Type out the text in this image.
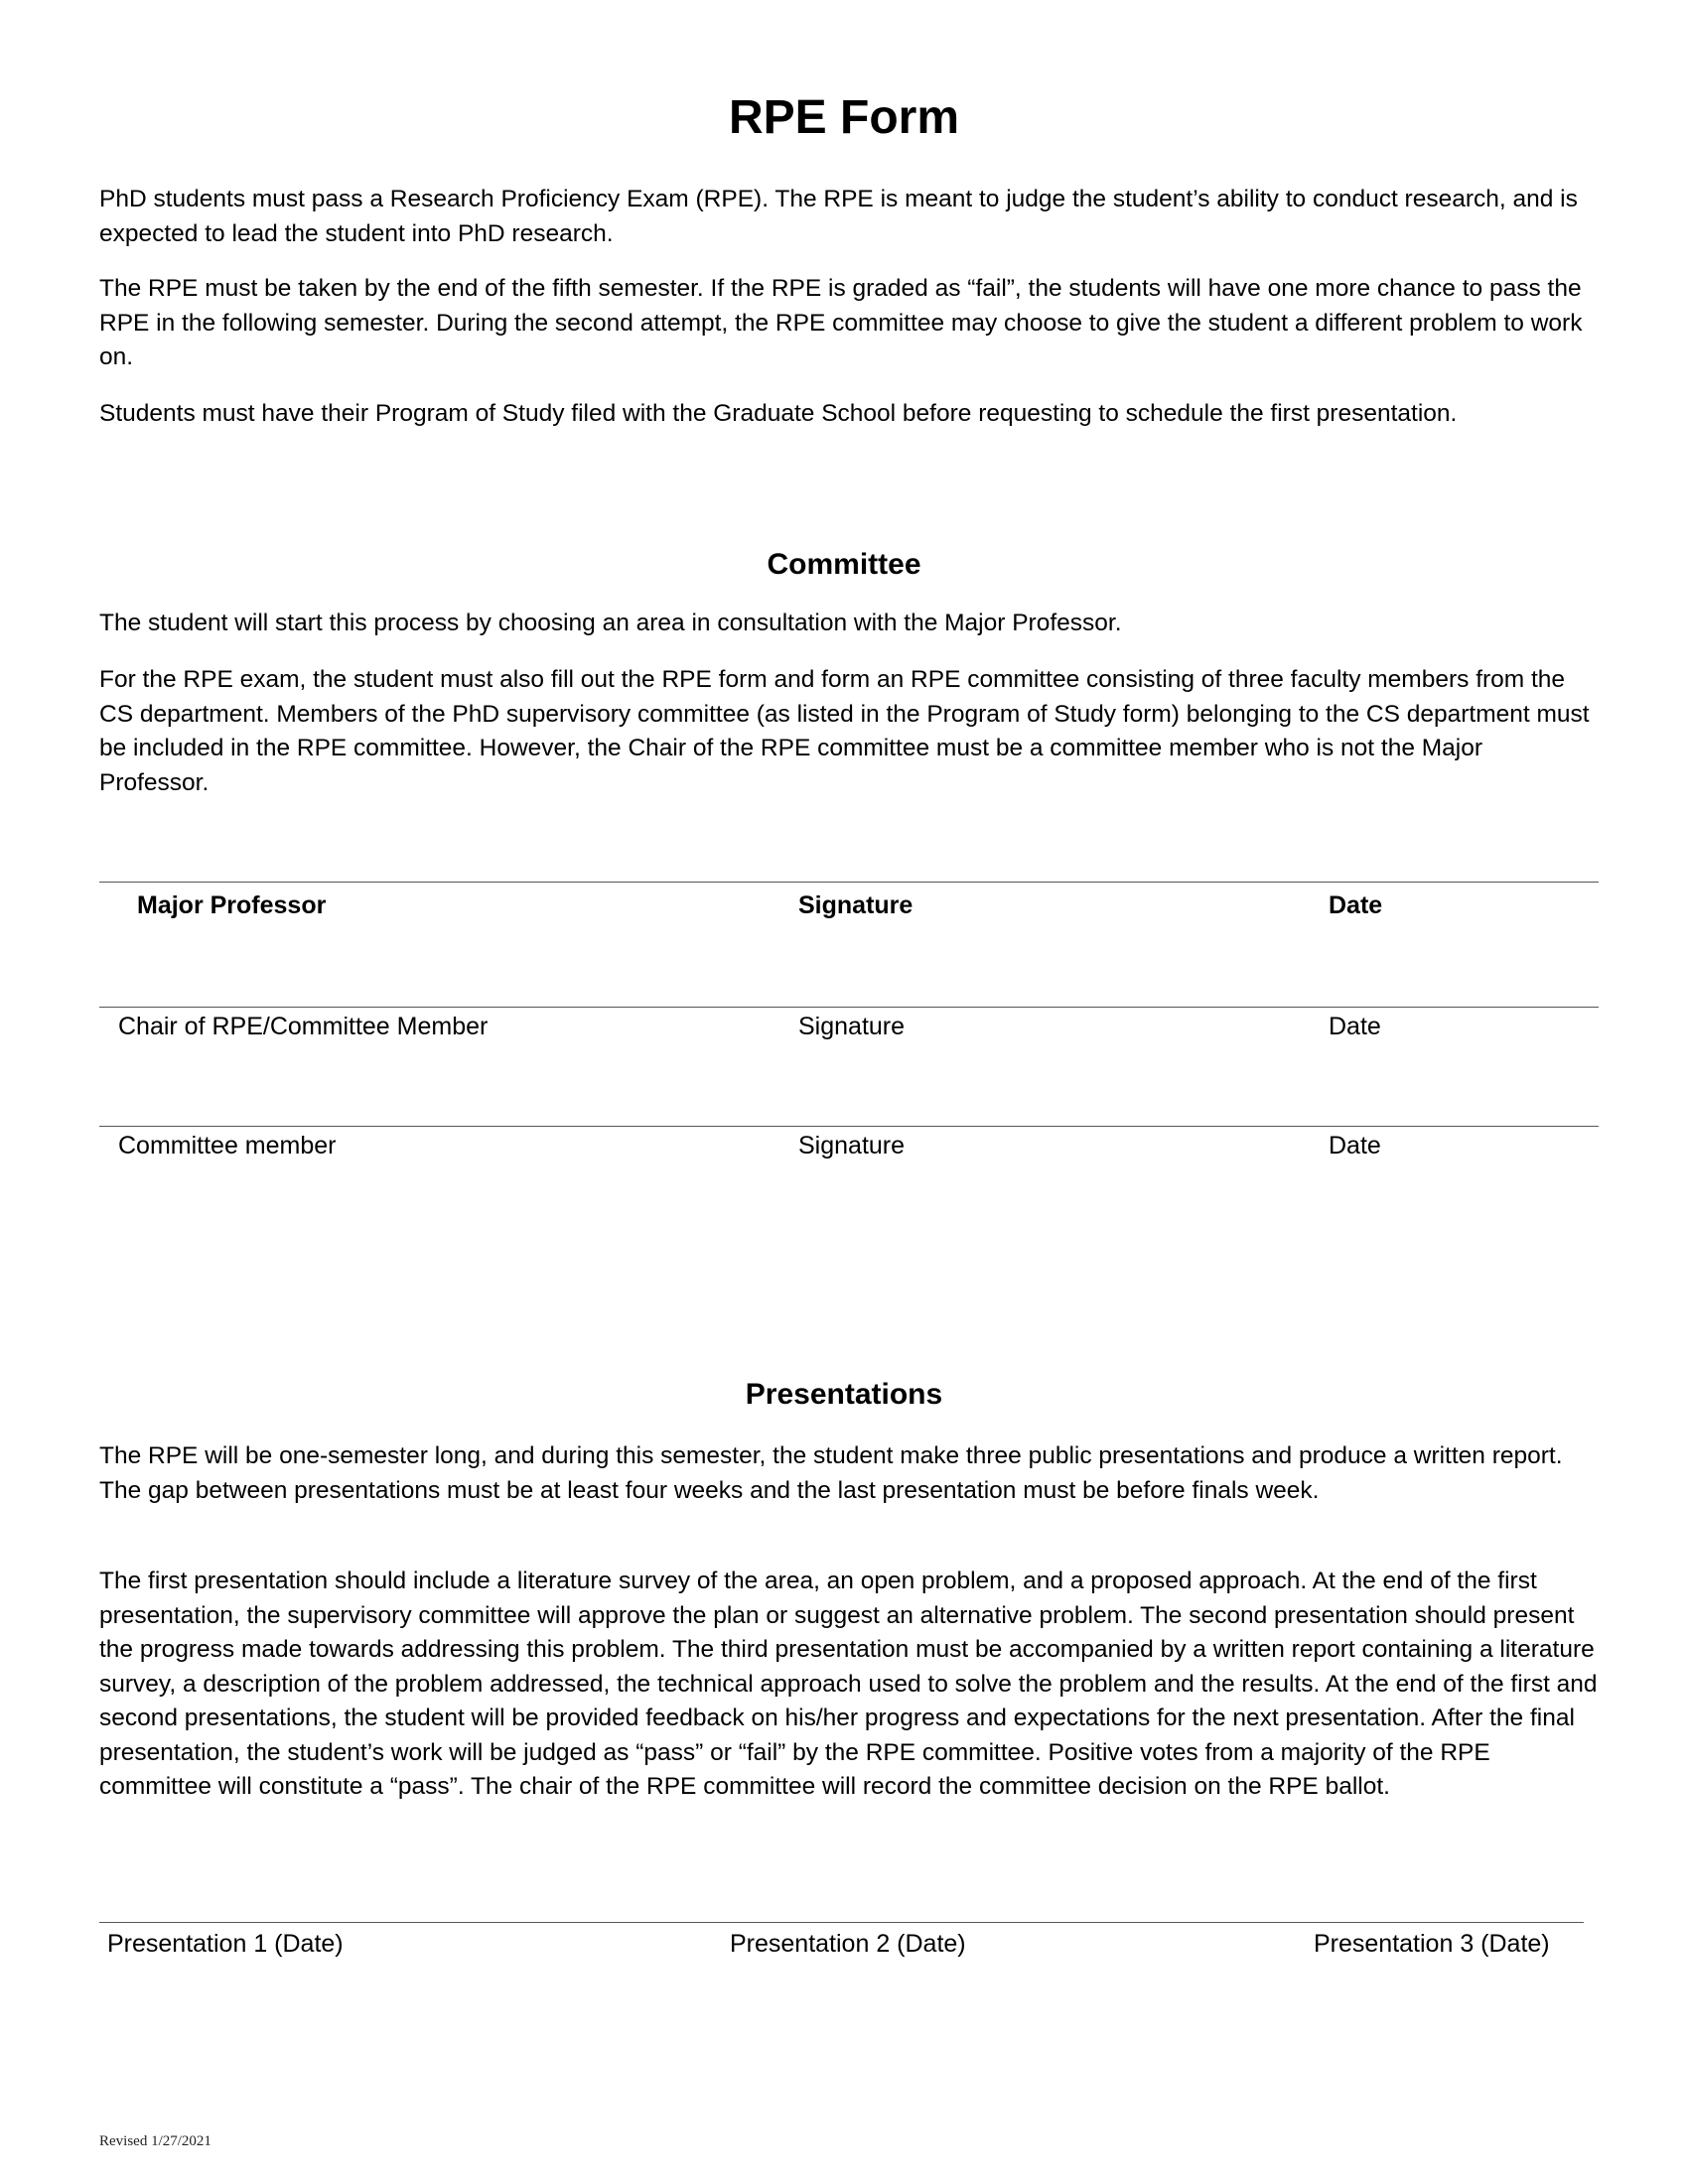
RPE Form

PhD students must pass a Research Proficiency Exam (RPE). The RPE is meant to judge the student’s ability to conduct research, and is expected to lead the student into PhD research.

The RPE must be taken by the end of the fifth semester. If the RPE is graded as “fail”, the students will have one more chance to pass the RPE in the following semester. During the second attempt, the RPE committee may choose to give the student a different problem to work on.

Students must have their Program of Study filed with the Graduate School before requesting to schedule the first presentation.

Committee

The student will start this process by choosing an area in consultation with the Major Professor.

For the RPE exam, the student must also fill out the RPE form and form an RPE committee consisting of three faculty members from the CS department. Members of the PhD supervisory committee (as listed in the Program of Study form) belonging to the CS department must be included in the RPE committee. However, the Chair of the RPE committee must be a committee member who is not the Major Professor.

Major Professor	Signature	Date
Chair of RPE/Committee Member	Signature	Date
Committee member	Signature	Date
Presentations

The RPE will be one-semester long, and during this semester, the student make three public presentations and produce a written report. The gap between presentations must be at least four weeks and the last presentation must be before finals week.

The first presentation should include a literature survey of the area, an open problem, and a proposed approach. At the end of the first presentation, the supervisory committee will approve the plan or suggest an alternative problem. The second presentation should present the progress made towards addressing this problem. The third presentation must be accompanied by a written report containing a literature survey, a description of the problem addressed, the technical approach used to solve the problem and the results. At the end of the first and second presentations, the student will be provided feedback on his/her progress and expectations for the next presentation. After the final presentation, the student’s work will be judged as “pass” or “fail” by the RPE committee. Positive votes from a majority of the RPE committee will constitute a “pass”. The chair of the RPE committee will record the committee decision on the RPE ballot.

Presentation 1 (Date)	Presentation 2 (Date)	Presentation 3 (Date)
Revised 1/27/2021
